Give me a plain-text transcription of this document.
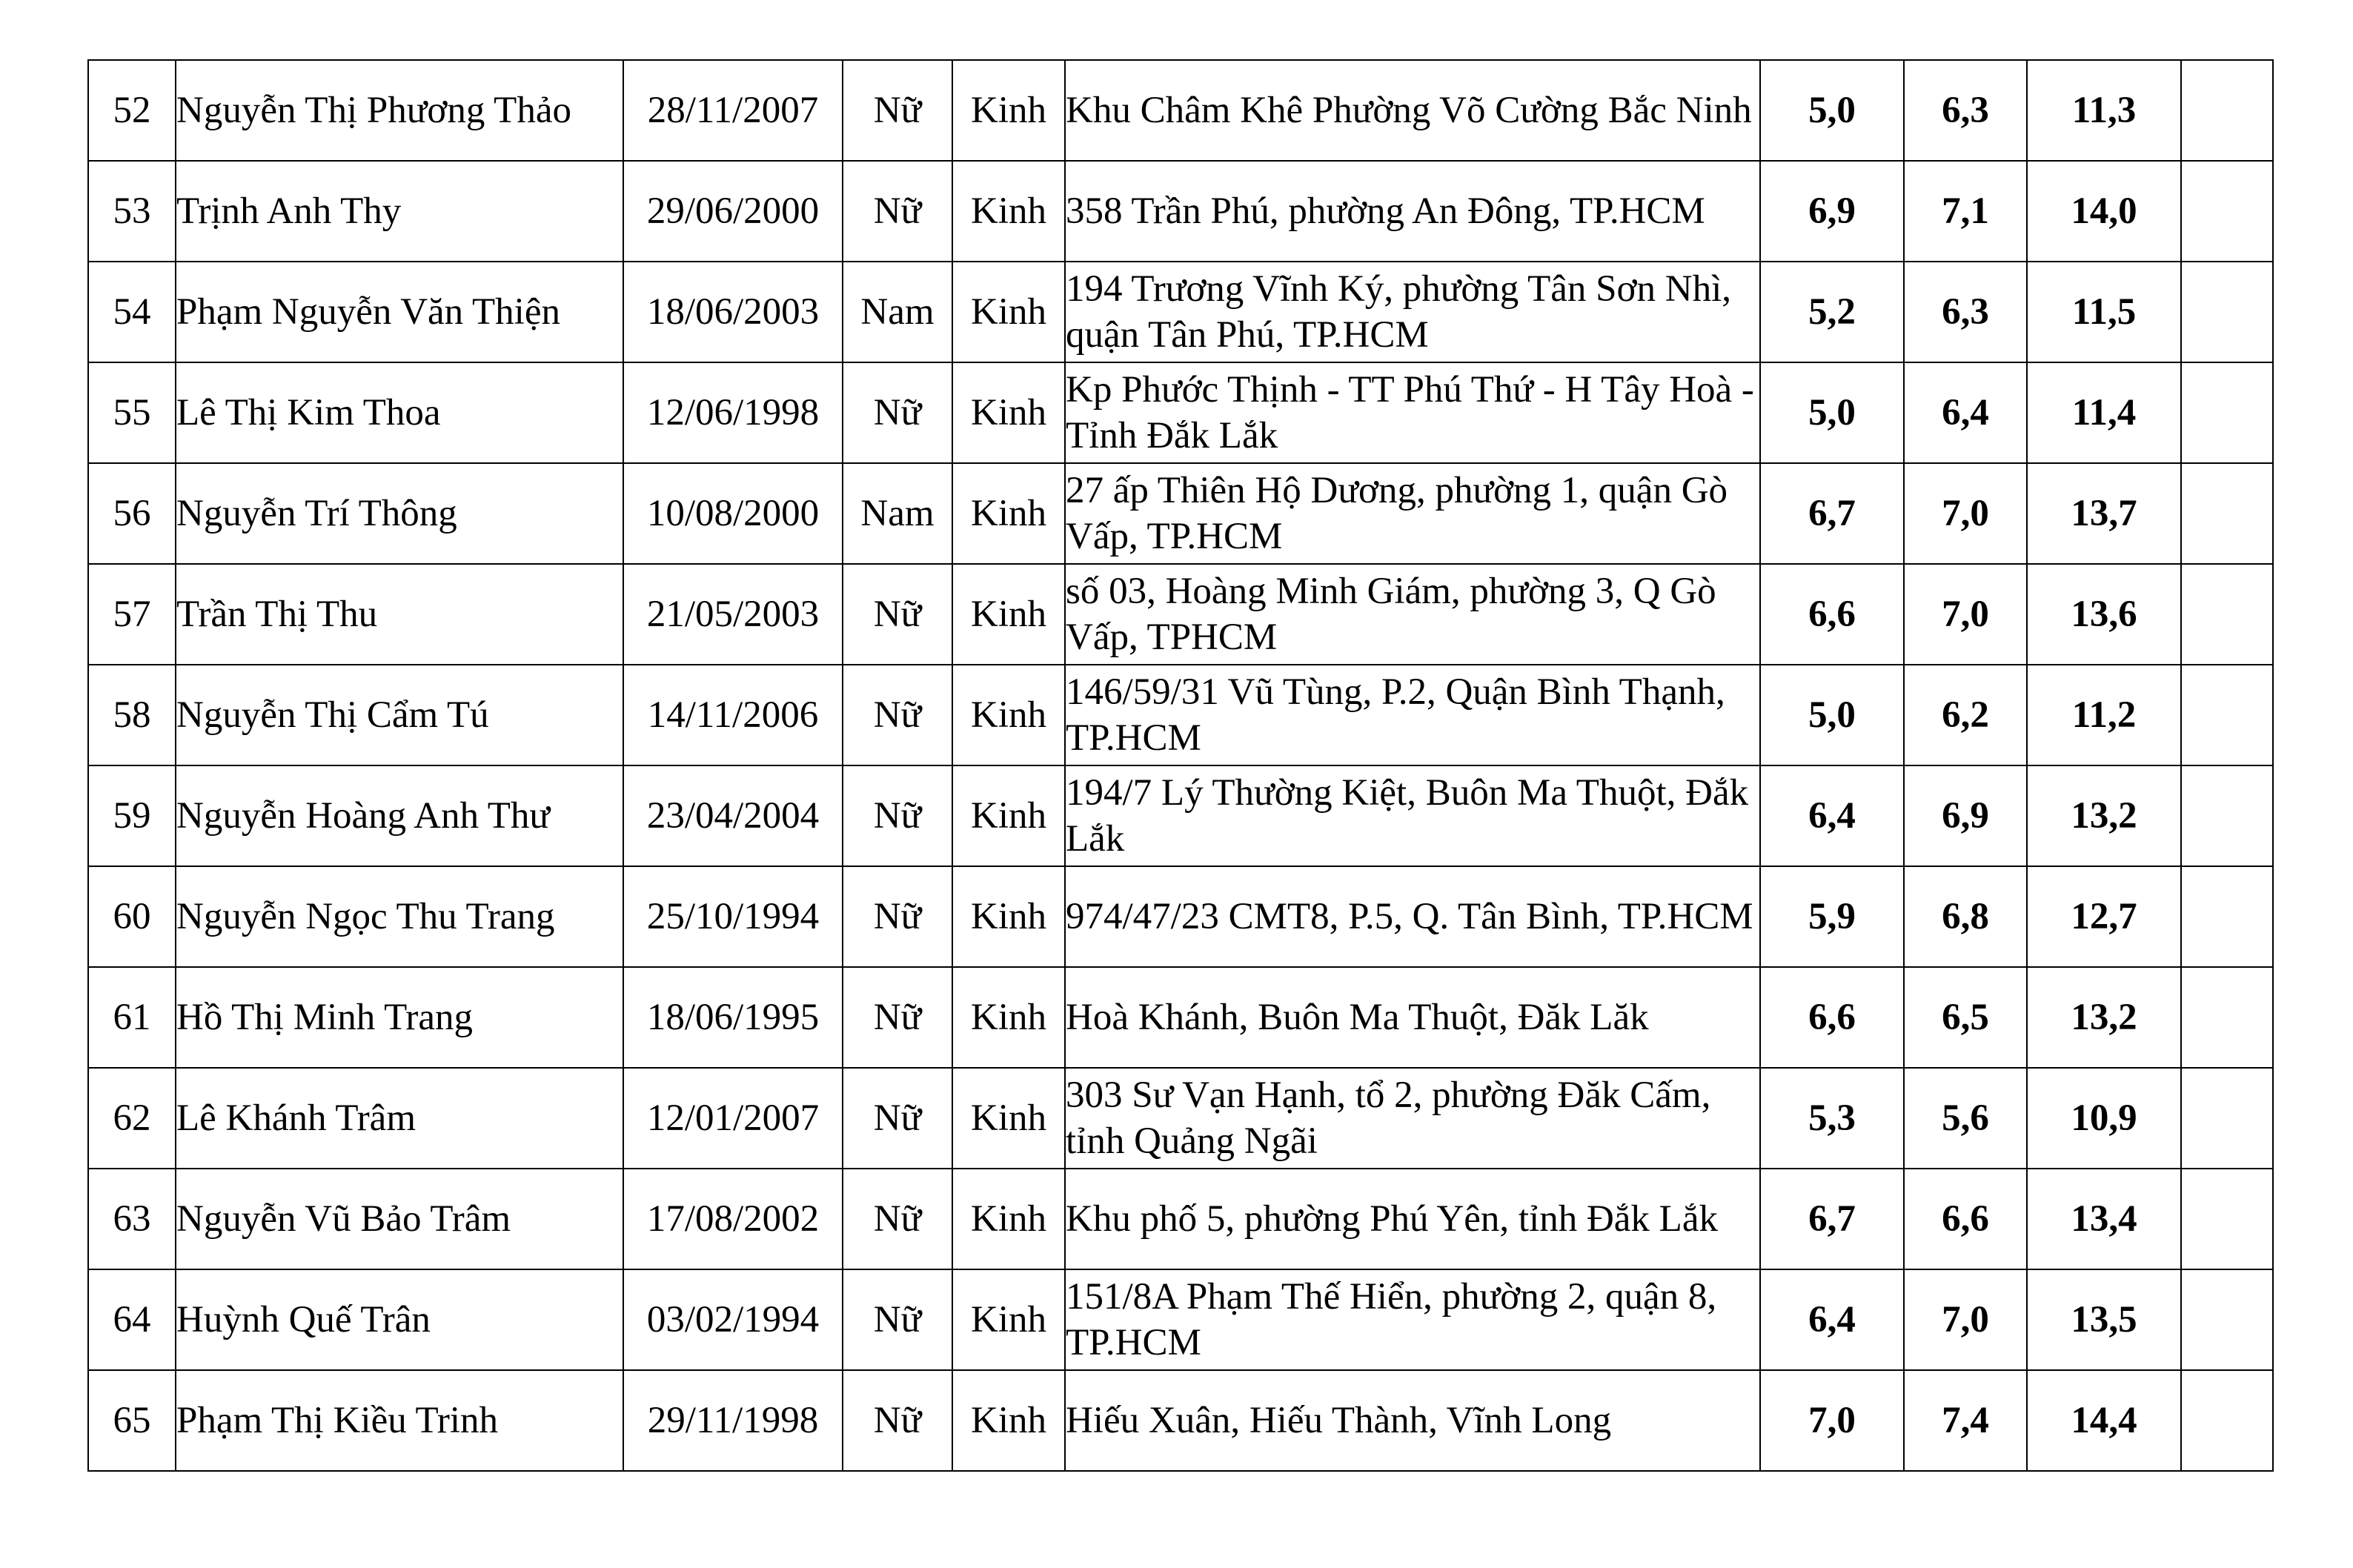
52	Nguyễn Thị Phương Thảo	28/11/2007	Nữ	Kinh	Khu Châm Khê Phường Võ Cường Bắc Ninh	5,0	6,3	11,3	
53	Trịnh Anh Thy	29/06/2000	Nữ	Kinh	358 Trần Phú, phường An Đông, TP.HCM	6,9	7,1	14,0	
54	Phạm Nguyễn Văn Thiện	18/06/2003	Nam	Kinh	194 Trương Vĩnh Ký, phường Tân Sơn Nhì, quận Tân Phú, TP.HCM	5,2	6,3	11,5	
55	Lê Thị Kim Thoa	12/06/1998	Nữ	Kinh	Kp Phước Thịnh - TT Phú Thứ - H Tây Hoà - Tỉnh Đắk Lắk	5,0	6,4	11,4	
56	Nguyễn Trí Thông	10/08/2000	Nam	Kinh	27 ấp Thiên Hộ Dương, phường 1, quận Gò Vấp, TP.HCM	6,7	7,0	13,7	
57	Trần Thị Thu	21/05/2003	Nữ	Kinh	số 03, Hoàng Minh Giám, phường 3, Q Gò Vấp, TPHCM	6,6	7,0	13,6	
58	Nguyễn Thị Cẩm Tú	14/11/2006	Nữ	Kinh	146/59/31 Vũ Tùng, P.2, Quận Bình Thạnh, TP.HCM	5,0	6,2	11,2	
59	Nguyễn Hoàng Anh Thư	23/04/2004	Nữ	Kinh	194/7 Lý Thường Kiệt, Buôn Ma Thuột, Đắk Lắk	6,4	6,9	13,2	
60	Nguyễn Ngọc Thu Trang	25/10/1994	Nữ	Kinh	974/47/23 CMT8, P.5, Q. Tân Bình, TP.HCM	5,9	6,8	12,7	
61	Hồ Thị Minh Trang	18/06/1995	Nữ	Kinh	Hoà Khánh, Buôn Ma Thuột, Đăk Lăk	6,6	6,5	13,2	
62	Lê Khánh Trâm	12/01/2007	Nữ	Kinh	303 Sư Vạn Hạnh, tổ 2, phường Đăk Cấm, tỉnh Quảng Ngãi	5,3	5,6	10,9	
63	Nguyễn Vũ Bảo Trâm	17/08/2002	Nữ	Kinh	Khu phố 5, phường Phú Yên, tỉnh Đắk Lắk	6,7	6,6	13,4	
64	Huỳnh Quế Trân	03/02/1994	Nữ	Kinh	151/8A Phạm Thế Hiển, phường 2, quận 8, TP.HCM	6,4	7,0	13,5	
65	Phạm Thị Kiều Trinh	29/11/1998	Nữ	Kinh	Hiếu Xuân, Hiếu Thành, Vĩnh Long	7,0	7,4	14,4	
